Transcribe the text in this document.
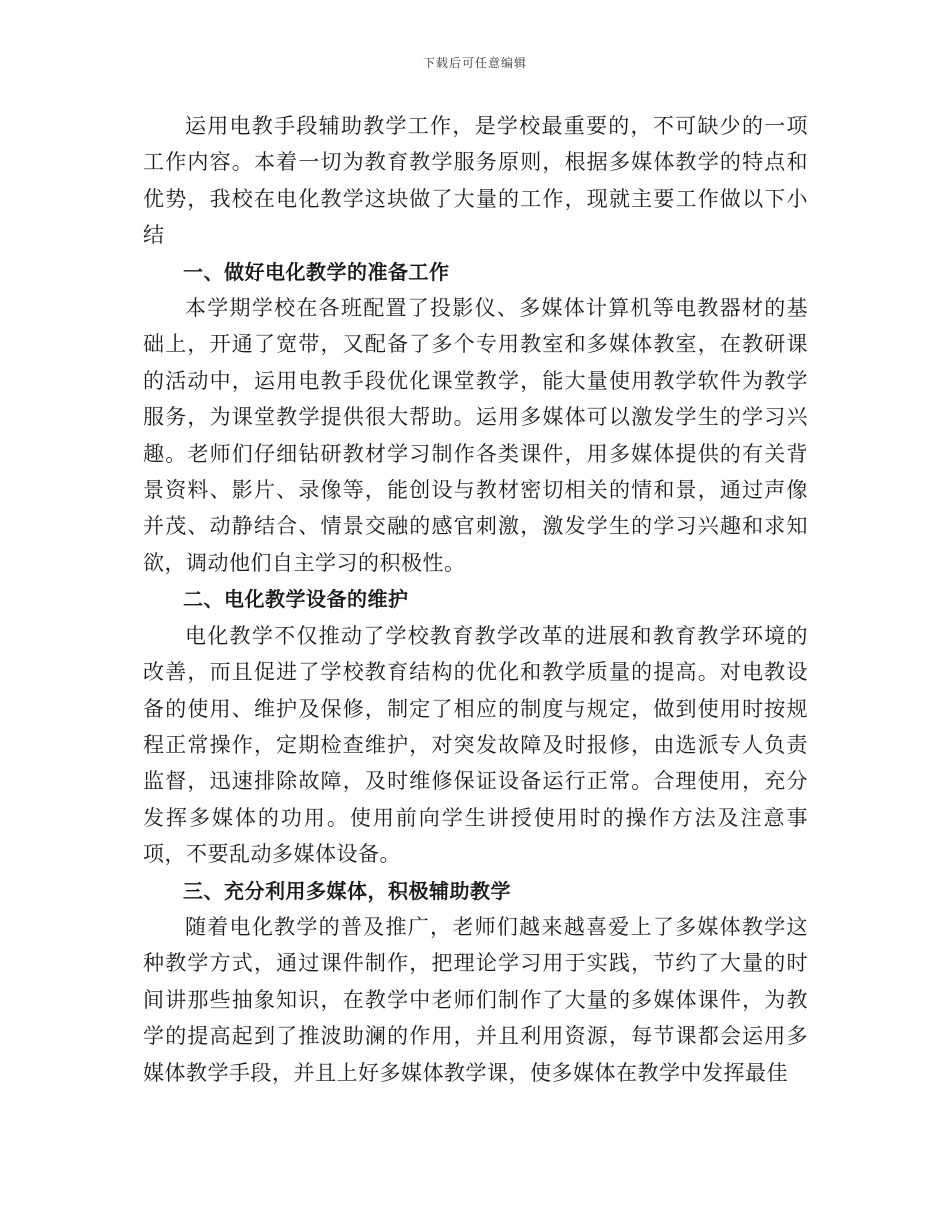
下载后可任意编辑

运用电教手段辅助教学工作，是学校最重要的，不可缺少的一项工作内容。本着一切为教育教学服务原则，根据多媒体教学的特点和优势，我校在电化教学这块做了大量的工作，现就主要工作做以下小结

一、做好电化教学的准备工作

本学期学校在各班配置了投影仪、多媒体计算机等电教器材的基础上，开通了宽带，又配备了多个专用教室和多媒体教室，在教研课的活动中，运用电教手段优化课堂教学，能大量使用教学软件为教学服务，为课堂教学提供很大帮助。运用多媒体可以激发学生的学习兴趣。老师们仔细钻研教材学习制作各类课件，用多媒体提供的有关背景资料、影片、录像等，能创设与教材密切相关的情和景，通过声像并茂、动静结合、情景交融的感官刺激，激发学生的学习兴趣和求知欲，调动他们自主学习的积极性。

二、电化教学设备的维护

电化教学不仅推动了学校教育教学改革的进展和教育教学环境的改善，而且促进了学校教育结构的优化和教学质量的提高。对电教设备的使用、维护及保修，制定了相应的制度与规定，做到使用时按规程正常操作，定期检查维护，对突发故障及时报修，由选派专人负责监督，迅速排除故障，及时维修保证设备运行正常。合理使用，充分发挥多媒体的功用。使用前向学生讲授使用时的操作方法及注意事项，不要乱动多媒体设备。

三、充分利用多媒体，积极辅助教学

随着电化教学的普及推广，老师们越来越喜爱上了多媒体教学这种教学方式，通过课件制作，把理论学习用于实践，节约了大量的时间讲那些抽象知识，在教学中老师们制作了大量的多媒体课件，为教学的提高起到了推波助澜的作用，并且利用资源，每节课都会运用多媒体教学手段，并且上好多媒体教学课，使多媒体在教学中发挥最佳
